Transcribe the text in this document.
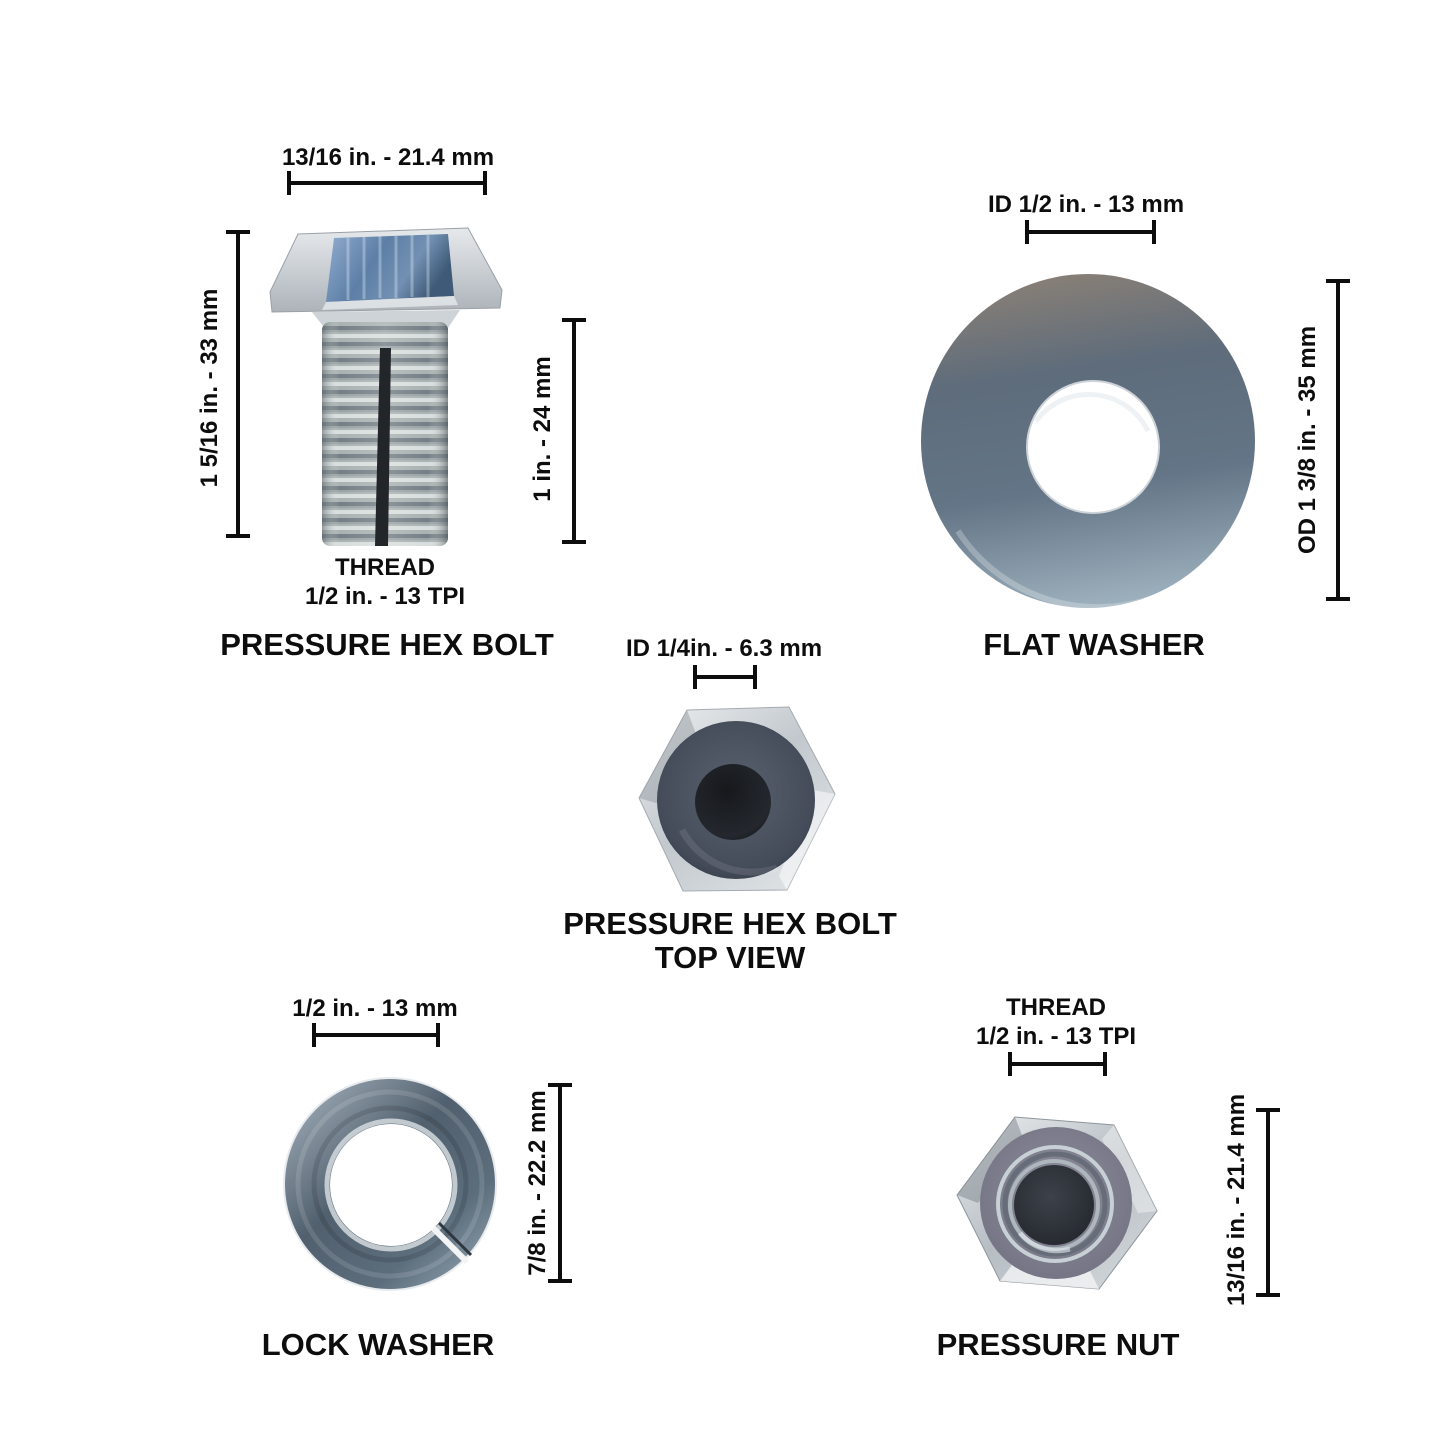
13/16 in. - 21.4 mm
1 5/16 in. - 33 mm	1 in. - 24 mm
THREAD
1/2 in. - 13 TPI
PRESSURE HEX BOLT
ID 1/2 in. - 13 mm
OD 1 3/8 in. - 35 mm
FLAT WASHER
ID 1/4in. - 6.3 mm
PRESSURE HEX BOLT
TOP VIEW
1/2 in. - 13 mm
7/8 in. - 22.2 mm
LOCK WASHER
THREAD
1/2 in. - 13 TPI
13/16 in. - 21.4 mm
PRESSURE NUT
